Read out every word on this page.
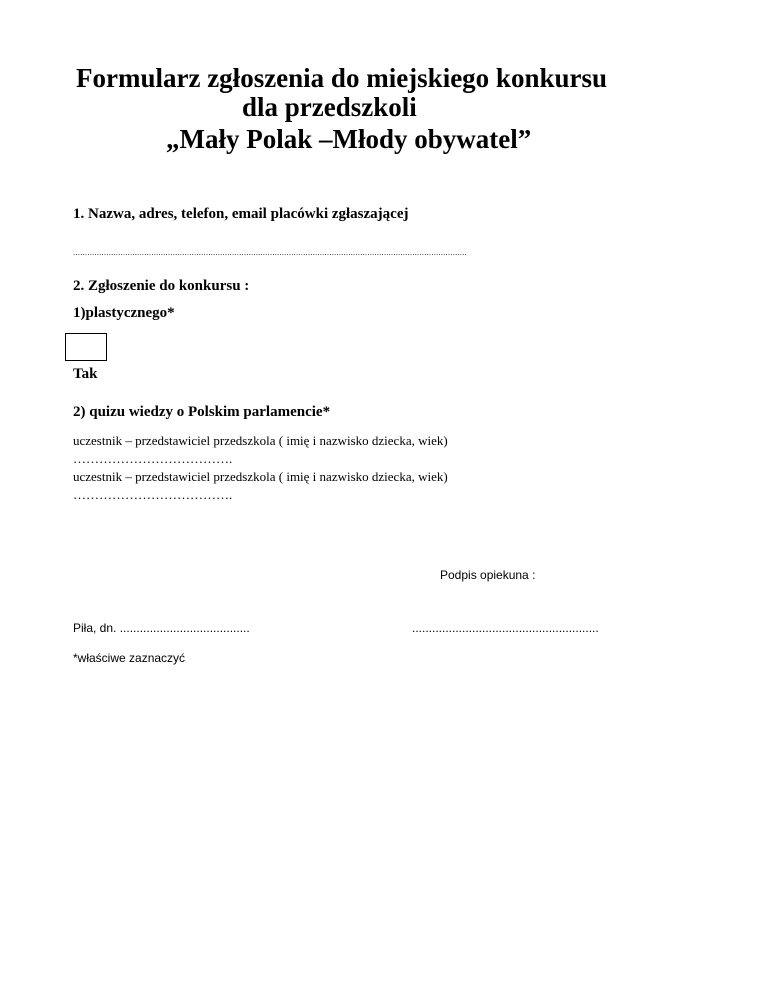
Formularz zgłoszenia do miejskiego konkursu
dla przedszkoli
„Mały Polak –Młody obywatel”
1. Nazwa, adres, telefon, email placówki zgłaszającej
......................................................................................................................................................................
2. Zgłoszenie do konkursu :
1)plastycznego*
Tak
2) quizu wiedzy o Polskim parlamencie*
uczestnik – przedstawiciel przedszkola ( imię i nazwisko dziecka, wiek)
……………………………….
uczestnik – przedstawiciel przedszkola ( imię i nazwisko dziecka, wiek)
……………………………….
Podpis opiekuna :
Piła, dn. .......................................	........................................................
*właściwe zaznaczyć
